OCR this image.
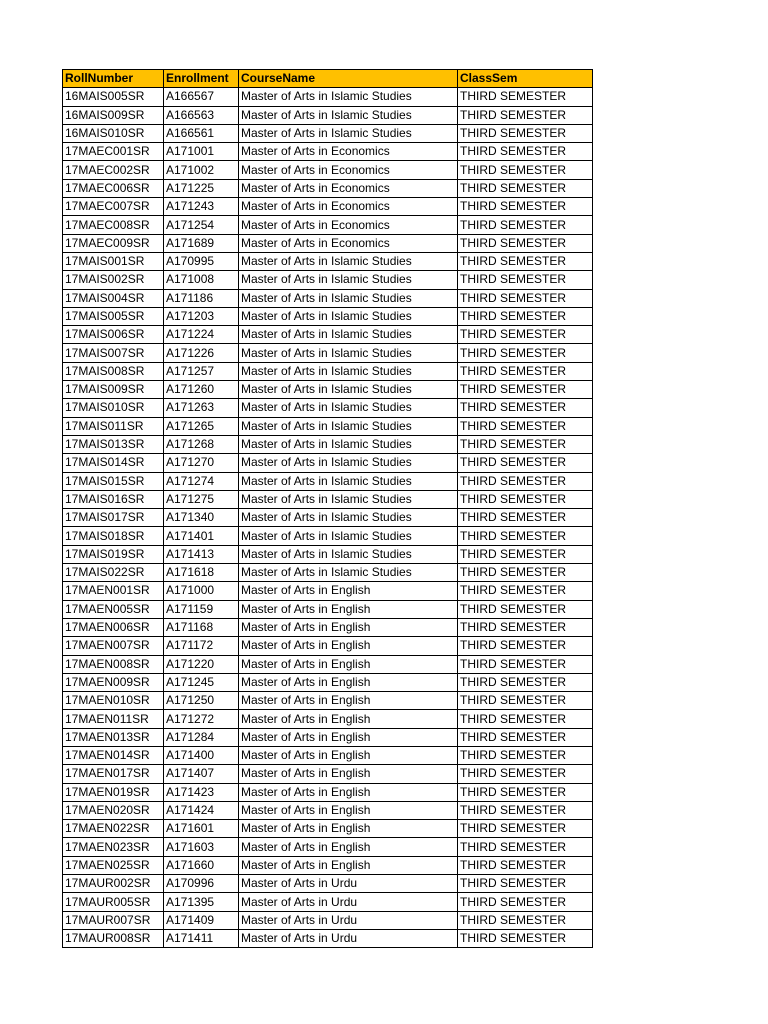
RollNumber	Enrollment	CourseName	ClassSem
16MAIS005SR	A166567	Master of Arts in Islamic Studies	THIRD SEMESTER
16MAIS009SR	A166563	Master of Arts in Islamic Studies	THIRD SEMESTER
16MAIS010SR	A166561	Master of Arts in Islamic Studies	THIRD SEMESTER
17MAEC001SR	A171001	Master of Arts in Economics	THIRD SEMESTER
17MAEC002SR	A171002	Master of Arts in Economics	THIRD SEMESTER
17MAEC006SR	A171225	Master of Arts in Economics	THIRD SEMESTER
17MAEC007SR	A171243	Master of Arts in Economics	THIRD SEMESTER
17MAEC008SR	A171254	Master of Arts in Economics	THIRD SEMESTER
17MAEC009SR	A171689	Master of Arts in Economics	THIRD SEMESTER
17MAIS001SR	A170995	Master of Arts in Islamic Studies	THIRD SEMESTER
17MAIS002SR	A171008	Master of Arts in Islamic Studies	THIRD SEMESTER
17MAIS004SR	A171186	Master of Arts in Islamic Studies	THIRD SEMESTER
17MAIS005SR	A171203	Master of Arts in Islamic Studies	THIRD SEMESTER
17MAIS006SR	A171224	Master of Arts in Islamic Studies	THIRD SEMESTER
17MAIS007SR	A171226	Master of Arts in Islamic Studies	THIRD SEMESTER
17MAIS008SR	A171257	Master of Arts in Islamic Studies	THIRD SEMESTER
17MAIS009SR	A171260	Master of Arts in Islamic Studies	THIRD SEMESTER
17MAIS010SR	A171263	Master of Arts in Islamic Studies	THIRD SEMESTER
17MAIS011SR	A171265	Master of Arts in Islamic Studies	THIRD SEMESTER
17MAIS013SR	A171268	Master of Arts in Islamic Studies	THIRD SEMESTER
17MAIS014SR	A171270	Master of Arts in Islamic Studies	THIRD SEMESTER
17MAIS015SR	A171274	Master of Arts in Islamic Studies	THIRD SEMESTER
17MAIS016SR	A171275	Master of Arts in Islamic Studies	THIRD SEMESTER
17MAIS017SR	A171340	Master of Arts in Islamic Studies	THIRD SEMESTER
17MAIS018SR	A171401	Master of Arts in Islamic Studies	THIRD SEMESTER
17MAIS019SR	A171413	Master of Arts in Islamic Studies	THIRD SEMESTER
17MAIS022SR	A171618	Master of Arts in Islamic Studies	THIRD SEMESTER
17MAEN001SR	A171000	Master of Arts in English	THIRD SEMESTER
17MAEN005SR	A171159	Master of Arts in English	THIRD SEMESTER
17MAEN006SR	A171168	Master of Arts in English	THIRD SEMESTER
17MAEN007SR	A171172	Master of Arts in English	THIRD SEMESTER
17MAEN008SR	A171220	Master of Arts in English	THIRD SEMESTER
17MAEN009SR	A171245	Master of Arts in English	THIRD SEMESTER
17MAEN010SR	A171250	Master of Arts in English	THIRD SEMESTER
17MAEN011SR	A171272	Master of Arts in English	THIRD SEMESTER
17MAEN013SR	A171284	Master of Arts in English	THIRD SEMESTER
17MAEN014SR	A171400	Master of Arts in English	THIRD SEMESTER
17MAEN017SR	A171407	Master of Arts in English	THIRD SEMESTER
17MAEN019SR	A171423	Master of Arts in English	THIRD SEMESTER
17MAEN020SR	A171424	Master of Arts in English	THIRD SEMESTER
17MAEN022SR	A171601	Master of Arts in English	THIRD SEMESTER
17MAEN023SR	A171603	Master of Arts in English	THIRD SEMESTER
17MAEN025SR	A171660	Master of Arts in English	THIRD SEMESTER
17MAUR002SR	A170996	Master of Arts in Urdu	THIRD SEMESTER
17MAUR005SR	A171395	Master of Arts in Urdu	THIRD SEMESTER
17MAUR007SR	A171409	Master of Arts in Urdu	THIRD SEMESTER
17MAUR008SR	A171411	Master of Arts in Urdu	THIRD SEMESTER
